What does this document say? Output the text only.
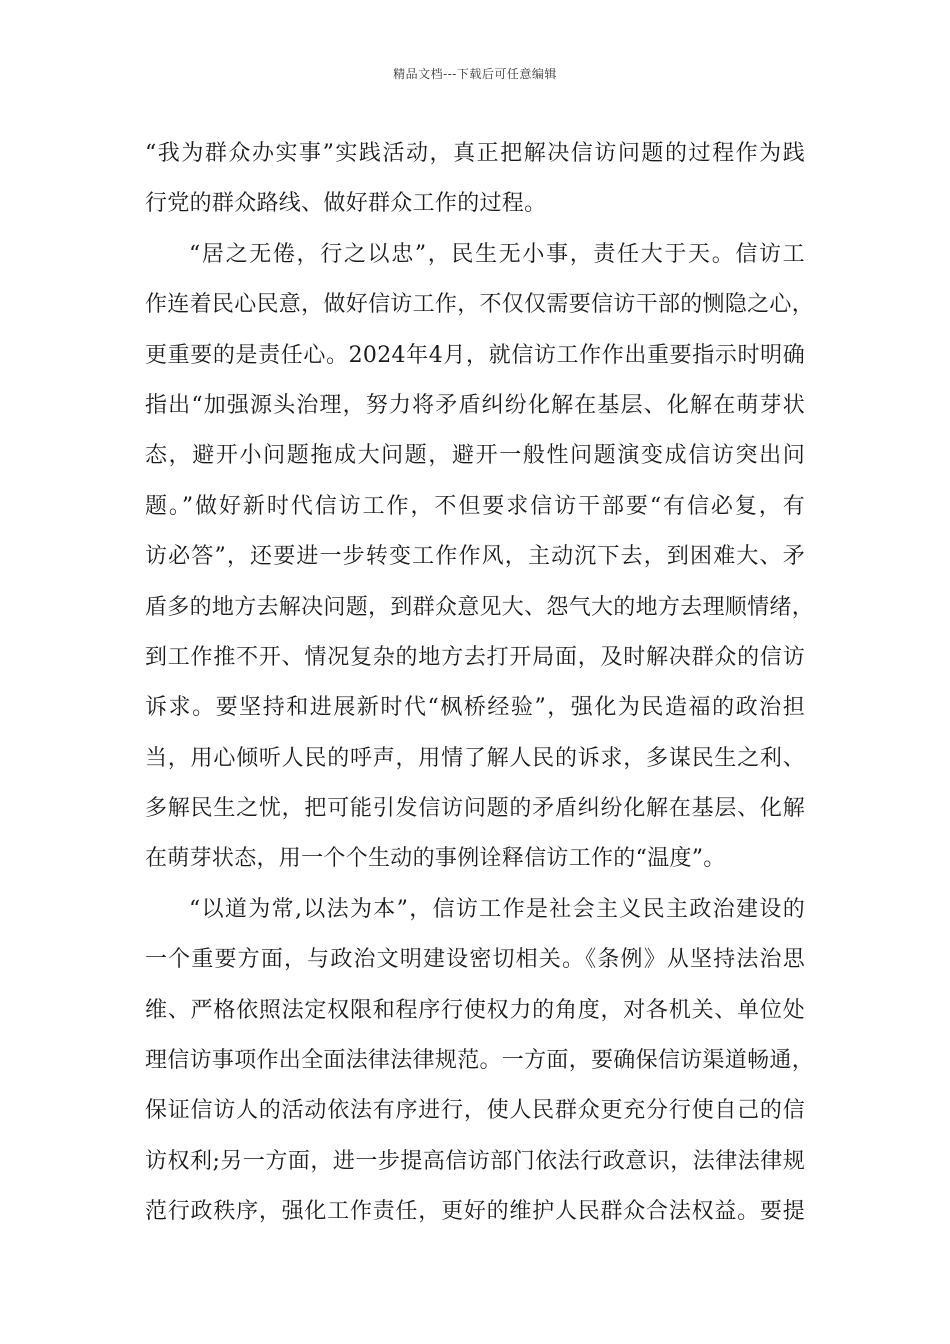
精品文档---下载后可任意编辑
“我为群众办实事”实践活动，真正把解决信访问题的过程作为践
行党的群众路线、做好群众工作的过程。
“居之无倦，行之以忠”，民生无小事，责任大于天。信访工
作连着民心民意，做好信访工作，不仅仅需要信访干部的恻隐之心，
更重要的是责任心。2024年4月，就信访工作作出重要指示时明确
指出“加强源头治理，努力将矛盾纠纷化解在基层、化解在萌芽状
态，避开小问题拖成大问题，避开一般性问题演变成信访突出问
题。”做好新时代信访工作，不但要求信访干部要“有信必复，有
访必答”，还要进一步转变工作作风，主动沉下去，到困难大、矛
盾多的地方去解决问题，到群众意见大、怨气大的地方去理顺情绪，
到工作推不开、情况复杂的地方去打开局面，及时解决群众的信访
诉求。要坚持和进展新时代“枫桥经验”，强化为民造福的政治担
当，用心倾听人民的呼声，用情了解人民的诉求，多谋民生之利、
多解民生之忧，把可能引发信访问题的矛盾纠纷化解在基层、化解
在萌芽状态，用一个个生动的事例诠释信访工作的“温度”。
“以道为常,以法为本”，信访工作是社会主义民主政治建设的
一个重要方面，与政治文明建设密切相关。《条例》从坚持法治思
维、严格依照法定权限和程序行使权力的角度，对各机关、单位处
理信访事项作出全面法律法律规范。一方面，要确保信访渠道畅通，
保证信访人的活动依法有序进行，使人民群众更充分行使自己的信
访权利;另一方面，进一步提高信访部门依法行政意识，法律法律规
范行政秩序，强化工作责任，更好的维护人民群众合法权益。要提
